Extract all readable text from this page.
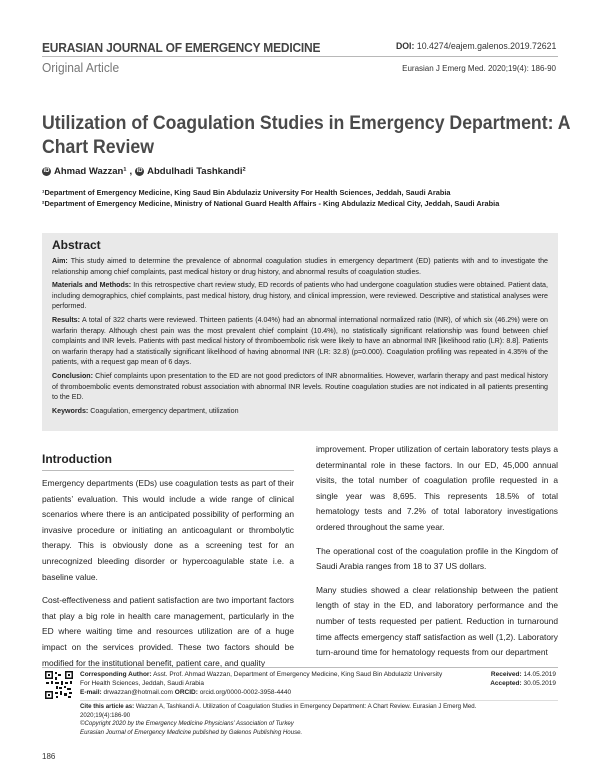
EURASIAN JOURNAL OF EMERGENCY MEDICINE	DOI: 10.4274/eajem.galenos.2019.72621
Original Article	Eurasian J Emerg Med. 2020;19(4): 186-90
Utilization of Coagulation Studies in Emergency Department: A
Chart Review
iD Ahmad Wazzan¹ , iD Abdulhadi Tashkandi²
¹Department of Emergency Medicine, King Saud Bin Abdulaziz University For Health Sciences, Jeddah, Saudi Arabia
²Department of Emergency Medicine, Ministry of National Guard Health Affairs - King Abdulaziz Medical City, Jeddah, Saudi Arabia
Abstract

Aim: This study aimed to determine the prevalence of abnormal coagulation studies in emergency department (ED) patients with and to investigate the relationship among chief complaints, past medical history or drug history, and abnormal results of coagulation studies.

Materials and Methods: In this retrospective chart review study, ED records of patients who had undergone coagulation studies were obtained. Patient data, including demographics, chief complaints, past medical history, drug history, and clinical impression, were reviewed. Descriptive and statistical analyses were performed.

Results: A total of 322 charts were reviewed. Thirteen patients (4.04%) had an abnormal international normalized ratio (INR), of which six (46.2%) were on warfarin therapy. Although chest pain was the most prevalent chief complaint (10.4%), no statistically significant relationship was found between chief complaints and INR levels. Patients with past medical history of thromboembolic risk were likely to have an abnormal INR [likelihood ratio (LR): 8.8]. Patients on warfarin therapy had a statistically significant likelihood of having abnormal INR (LR: 32.8) (p=0.000). Coagulation profiling was repeated in 4.35% of the patients, with a request gap mean of 6 days.

Conclusion: Chief complaints upon presentation to the ED are not good predictors of INR abnormalities. However, warfarin therapy and past medical history of thromboembolic events demonstrated robust association with abnormal INR levels. Routine coagulation studies are not indicated in all patients presenting to the ED.

Keywords: Coagulation, emergency department, utilization

Introduction

Emergency departments (EDs) use coagulation tests as part of their patients’ evaluation. This would include a wide range of clinical scenarios where there is an anticipated possibility of performing an invasive procedure or initiating an anticoagulant or thrombolytic therapy. This is obviously done as a screening test for an unrecognized bleeding disorder or hypercoagulable state i.e. a baseline value.

Cost-effectiveness and patient satisfaction are two important factors that play a big role in health care management, particularly in the ED where waiting time and resources utilization are of a huge impact on the services provided. These two factors should be modified for the institutional benefit, patient care, and quality

improvement. Proper utilization of certain laboratory tests plays a determinantal role in these factors. In our ED, 45,000 annual visits, the total number of coagulation profile requested in a single year was 8,695. This represents 18.5% of total hematology tests and 7.2% of total laboratory investigations ordered throughout the same year.

The operational cost of the coagulation profile in the Kingdom of Saudi Arabia ranges from 18 to 37 US dollars.

Many studies showed a clear relationship between the patient length of stay in the ED, and laboratory performance and the number of tests requested per patient. Reduction in turnaround time affects emergency staff satisfaction as well (1,2). Laboratory turn-around time for hematology requests from our department

Corresponding Author: Asst. Prof. Ahmad Wazzan, Department of Emergency Medicine, King Saud Bin Abdulaziz University For Health Sciences, Jeddah, Saudi Arabia
E-mail: drwazzan@hotmail.com ORCID: orcid.org/0000-0002-3958-4440
Received: 14.05.2019
Accepted: 30.05.2019
Cite this article as: Wazzan A, Tashkandi A. Utilization of Coagulation Studies in Emergency Department: A Chart Review. Eurasian J Emerg Med. 2020;19(4):186-90
©Copyright 2020 by the Emergency Medicine Physicians’ Association of Turkey
Eurasian Journal of Emergency Medicine published by Galenos Publishing House.
186
